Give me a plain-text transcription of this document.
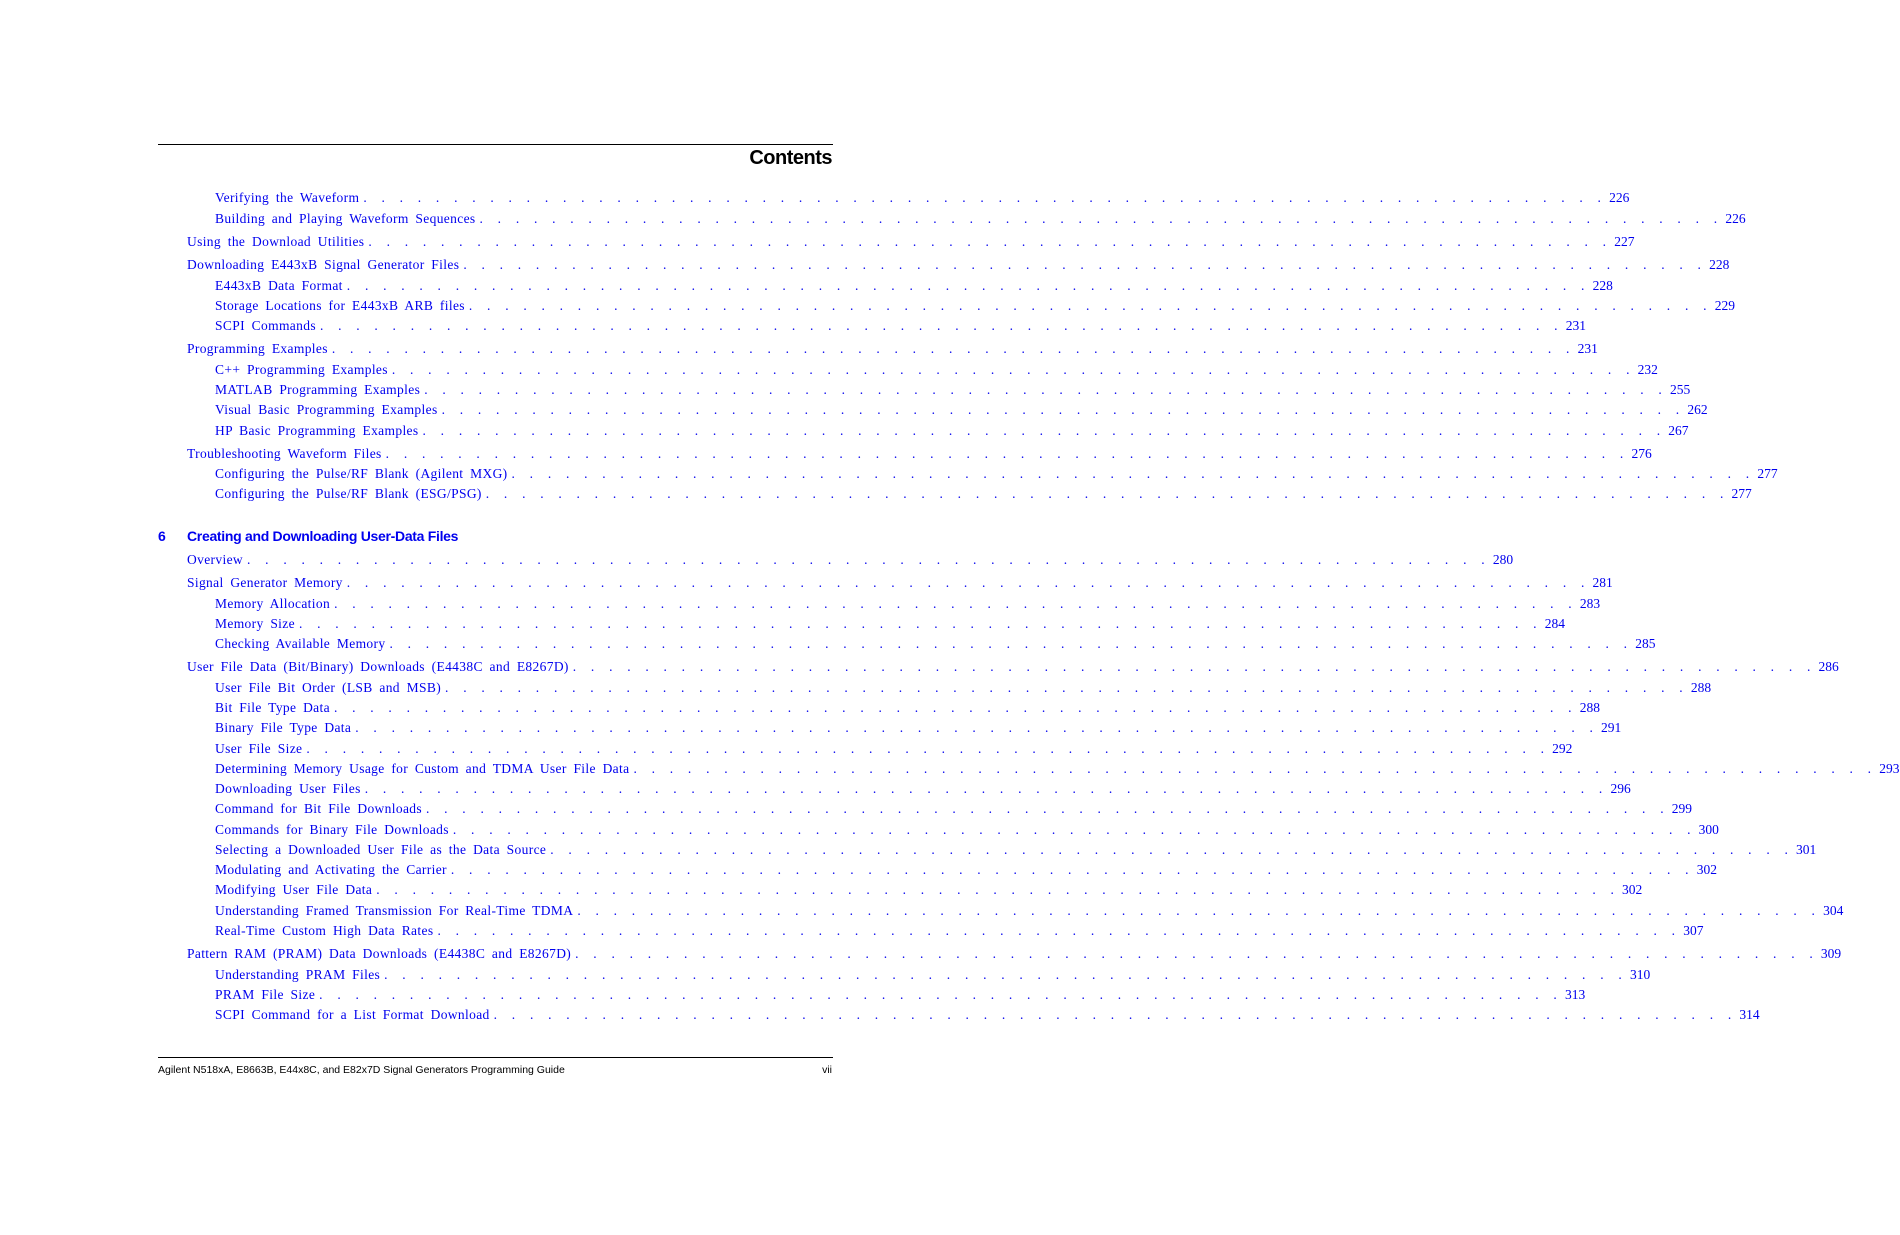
Contents
Verifying the Waveform . . . . . . . . . . . . . . . . . . . . . . . . . . . . . . . . . . . . . . . . . . . . . . . . . . . . . . . . . . . . . . . . . . . . . 226
Building and Playing Waveform Sequences . . . . . . . . . . . . . . . . . . . . . . . . . . . . . . . . . . . . . . . . . . . . . . . . . . . . . . . . . . . . . . . . . . . . . 226
Using the Download Utilities . . . . . . . . . . . . . . . . . . . . . . . . . . . . . . . . . . . . . . . . . . . . . . . . . . . . . . . . . . . . . . . . . . . . . 227
Downloading E443xB Signal Generator Files . . . . . . . . . . . . . . . . . . . . . . . . . . . . . . . . . . . . . . . . . . . . . . . . . . . . . . . . . . . . . . . . . . . . . 228
E443xB Data Format . . . . . . . . . . . . . . . . . . . . . . . . . . . . . . . . . . . . . . . . . . . . . . . . . . . . . . . . . . . . . . . . . . . . . 228
Storage Locations for E443xB ARB files . . . . . . . . . . . . . . . . . . . . . . . . . . . . . . . . . . . . . . . . . . . . . . . . . . . . . . . . . . . . . . . . . . . . . 229
SCPI Commands . . . . . . . . . . . . . . . . . . . . . . . . . . . . . . . . . . . . . . . . . . . . . . . . . . . . . . . . . . . . . . . . . . . . . 231
Programming Examples . . . . . . . . . . . . . . . . . . . . . . . . . . . . . . . . . . . . . . . . . . . . . . . . . . . . . . . . . . . . . . . . . . . . . 231
C++ Programming Examples . . . . . . . . . . . . . . . . . . . . . . . . . . . . . . . . . . . . . . . . . . . . . . . . . . . . . . . . . . . . . . . . . . . . . 232
MATLAB Programming Examples . . . . . . . . . . . . . . . . . . . . . . . . . . . . . . . . . . . . . . . . . . . . . . . . . . . . . . . . . . . . . . . . . . . . . 255
Visual Basic Programming Examples . . . . . . . . . . . . . . . . . . . . . . . . . . . . . . . . . . . . . . . . . . . . . . . . . . . . . . . . . . . . . . . . . . . . . 262
HP Basic Programming Examples . . . . . . . . . . . . . . . . . . . . . . . . . . . . . . . . . . . . . . . . . . . . . . . . . . . . . . . . . . . . . . . . . . . . . 267
Troubleshooting Waveform Files . . . . . . . . . . . . . . . . . . . . . . . . . . . . . . . . . . . . . . . . . . . . . . . . . . . . . . . . . . . . . . . . . . . . . 276
Configuring the Pulse/RF Blank (Agilent MXG) . . . . . . . . . . . . . . . . . . . . . . . . . . . . . . . . . . . . . . . . . . . . . . . . . . . . . . . . . . . . . . . . . . . . . 277
Configuring the Pulse/RF Blank (ESG/PSG) . . . . . . . . . . . . . . . . . . . . . . . . . . . . . . . . . . . . . . . . . . . . . . . . . . . . . . . . . . . . . . . . . . . . . 277
6 Creating and Downloading User-Data Files
Overview . . . . . . . . . . . . . . . . . . . . . . . . . . . . . . . . . . . . . . . . . . . . . . . . . . . . . . . . . . . . . . . . . . . . . 280
Signal Generator Memory . . . . . . . . . . . . . . . . . . . . . . . . . . . . . . . . . . . . . . . . . . . . . . . . . . . . . . . . . . . . . . . . . . . . . 281
Memory Allocation . . . . . . . . . . . . . . . . . . . . . . . . . . . . . . . . . . . . . . . . . . . . . . . . . . . . . . . . . . . . . . . . . . . . . 283
Memory Size . . . . . . . . . . . . . . . . . . . . . . . . . . . . . . . . . . . . . . . . . . . . . . . . . . . . . . . . . . . . . . . . . . . . . 284
Checking Available Memory . . . . . . . . . . . . . . . . . . . . . . . . . . . . . . . . . . . . . . . . . . . . . . . . . . . . . . . . . . . . . . . . . . . . . 285
User File Data (Bit/Binary) Downloads (E4438C and E8267D) . . . . . . . . . . . . . . . . . . . . . . . . . . . . . . . . . . . . . . . . . . . . . . . . . . . . . . . . . . . . . . . . . . . . . 286
User File Bit Order (LSB and MSB) . . . . . . . . . . . . . . . . . . . . . . . . . . . . . . . . . . . . . . . . . . . . . . . . . . . . . . . . . . . . . . . . . . . . . 288
Bit File Type Data . . . . . . . . . . . . . . . . . . . . . . . . . . . . . . . . . . . . . . . . . . . . . . . . . . . . . . . . . . . . . . . . . . . . . 288
Binary File Type Data . . . . . . . . . . . . . . . . . . . . . . . . . . . . . . . . . . . . . . . . . . . . . . . . . . . . . . . . . . . . . . . . . . . . . 291
User File Size . . . . . . . . . . . . . . . . . . . . . . . . . . . . . . . . . . . . . . . . . . . . . . . . . . . . . . . . . . . . . . . . . . . . . 292
Determining Memory Usage for Custom and TDMA User File Data . . . . . . . . . . . . . . . . . . . . . . . . . . . . . . . . . . . . . . . . . . . . . . . . . . . . . . . . . . . . . . . . . . . . . 293
Downloading User Files . . . . . . . . . . . . . . . . . . . . . . . . . . . . . . . . . . . . . . . . . . . . . . . . . . . . . . . . . . . . . . . . . . . . . 296
Command for Bit File Downloads . . . . . . . . . . . . . . . . . . . . . . . . . . . . . . . . . . . . . . . . . . . . . . . . . . . . . . . . . . . . . . . . . . . . . 299
Commands for Binary File Downloads . . . . . . . . . . . . . . . . . . . . . . . . . . . . . . . . . . . . . . . . . . . . . . . . . . . . . . . . . . . . . . . . . . . . . 300
Selecting a Downloaded User File as the Data Source . . . . . . . . . . . . . . . . . . . . . . . . . . . . . . . . . . . . . . . . . . . . . . . . . . . . . . . . . . . . . . . . . . . . . 301
Modulating and Activating the Carrier . . . . . . . . . . . . . . . . . . . . . . . . . . . . . . . . . . . . . . . . . . . . . . . . . . . . . . . . . . . . . . . . . . . . . 302
Modifying User File Data . . . . . . . . . . . . . . . . . . . . . . . . . . . . . . . . . . . . . . . . . . . . . . . . . . . . . . . . . . . . . . . . . . . . . 302
Understanding Framed Transmission For Real-Time TDMA . . . . . . . . . . . . . . . . . . . . . . . . . . . . . . . . . . . . . . . . . . . . . . . . . . . . . . . . . . . . . . . . . . . . . 304
Real-Time Custom High Data Rates . . . . . . . . . . . . . . . . . . . . . . . . . . . . . . . . . . . . . . . . . . . . . . . . . . . . . . . . . . . . . . . . . . . . . 307
Pattern RAM (PRAM) Data Downloads (E4438C and E8267D) . . . . . . . . . . . . . . . . . . . . . . . . . . . . . . . . . . . . . . . . . . . . . . . . . . . . . . . . . . . . . . . . . . . . . 309
Understanding PRAM Files . . . . . . . . . . . . . . . . . . . . . . . . . . . . . . . . . . . . . . . . . . . . . . . . . . . . . . . . . . . . . . . . . . . . . 310
PRAM File Size . . . . . . . . . . . . . . . . . . . . . . . . . . . . . . . . . . . . . . . . . . . . . . . . . . . . . . . . . . . . . . . . . . . . . 313
SCPI Command for a List Format Download . . . . . . . . . . . . . . . . . . . . . . . . . . . . . . . . . . . . . . . . . . . . . . . . . . . . . . . . . . . . . . . . . . . . . 314
Agilent N518xA, E8663B, E44x8C, and E82x7D Signal Generators Programming Guide	vii
